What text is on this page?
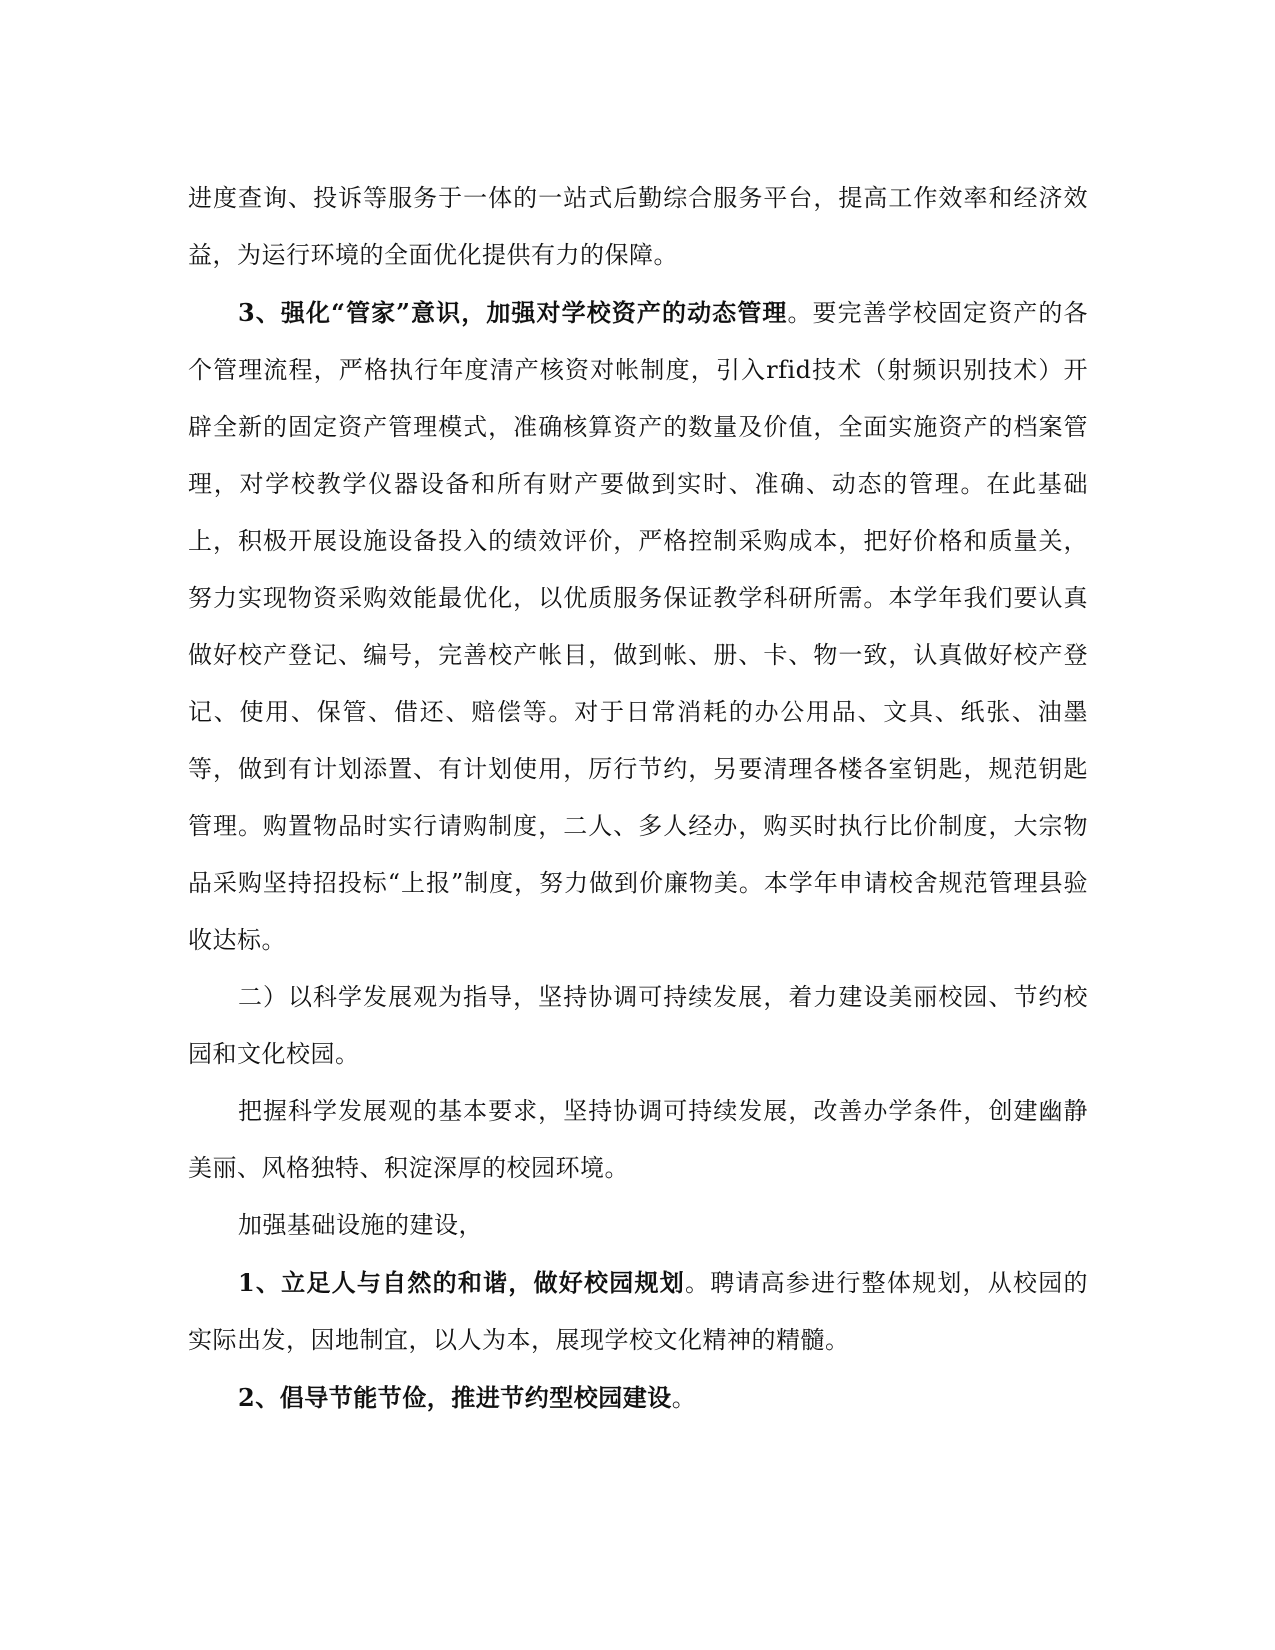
进度查询、投诉等服务于一体的一站式后勤综合服务平台，提高工作效率和经济效益，为运行环境的全面优化提供有力的保障。

3、强化“管家”意识，加强对学校资产的动态管理。要完善学校固定资产的各个管理流程，严格执行年度清产核资对帐制度，引入rfid技术（射频识别技术）开辟全新的固定资产管理模式，准确核算资产的数量及价值，全面实施资产的档案管理，对学校教学仪器设备和所有财产要做到实时、准确、动态的管理。在此基础上，积极开展设施设备投入的绩效评价，严格控制采购成本，把好价格和质量关，努力实现物资采购效能最优化，以优质服务保证教学科研所需。本学年我们要认真做好校产登记、编号，完善校产帐目，做到帐、册、卡、物一致，认真做好校产登记、使用、保管、借还、赔偿等。对于日常消耗的办公用品、文具、纸张、油墨等，做到有计划添置、有计划使用，厉行节约，另要清理各楼各室钥匙，规范钥匙管理。购置物品时实行请购制度，二人、多人经办，购买时执行比价制度，大宗物品采购坚持招投标“上报”制度，努力做到价廉物美。本学年申请校舍规范管理县验收达标。

二）以科学发展观为指导，坚持协调可持续发展，着力建设美丽校园、节约校园和文化校园。

把握科学发展观的基本要求，坚持协调可持续发展，改善办学条件，创建幽静美丽、风格独特、积淀深厚的校园环境。

加强基础设施的建设，

1、立足人与自然的和谐，做好校园规划。聘请高参进行整体规划，从校园的实际出发，因地制宜，以人为本，展现学校文化精神的精髓。

2、倡导节能节俭，推进节约型校园建设。
